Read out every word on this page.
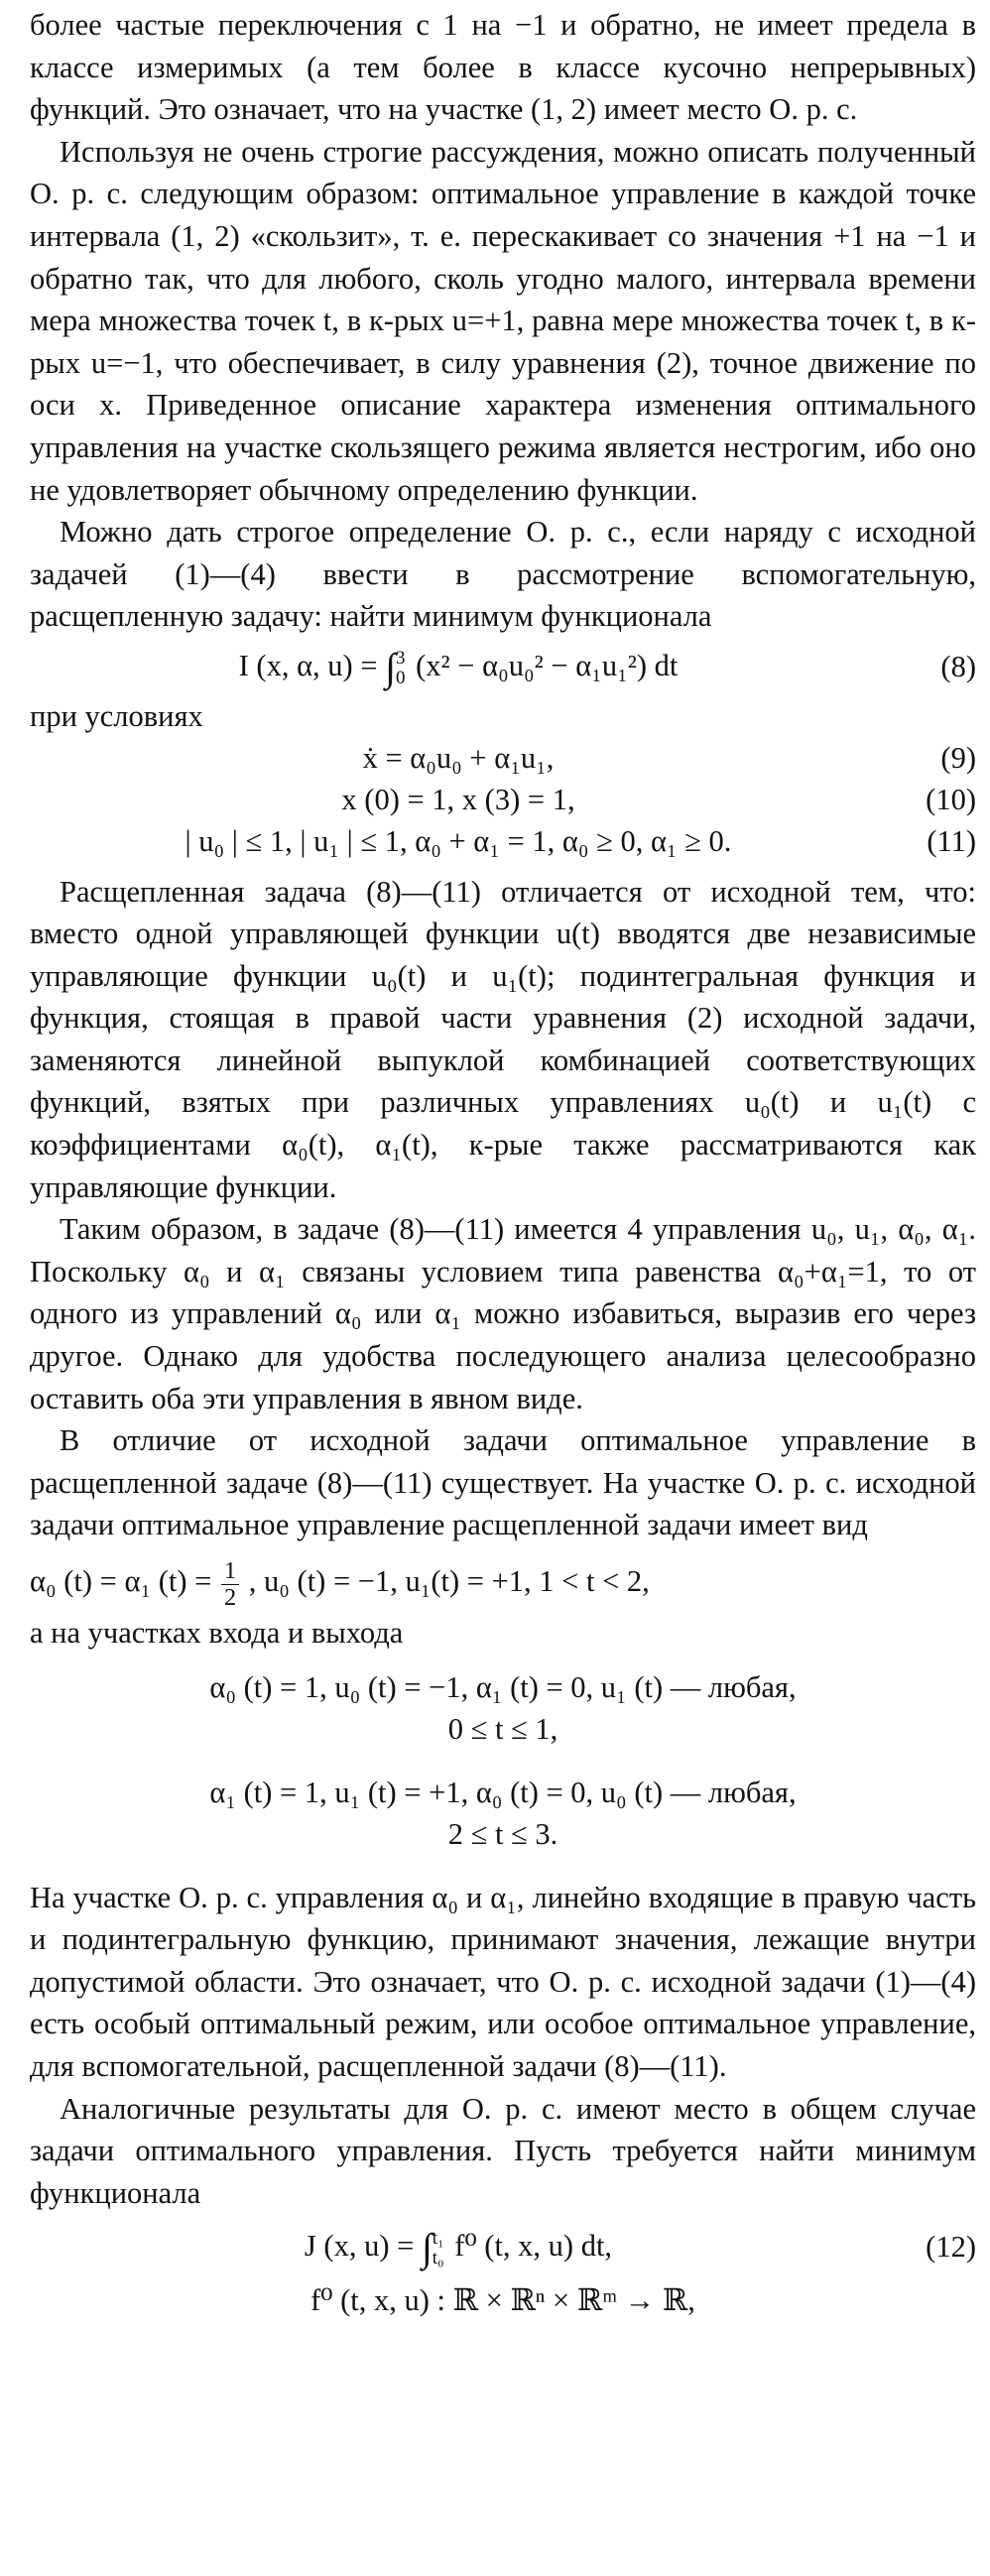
более частые переключения с 1 на −1 и обратно, не имеет предела в классе измеримых (а тем более в классе кусочно непрерывных) функций. Это означает, что на участке (1, 2) имеет место О. р. с.

Используя не очень строгие рассуждения, можно описать полученный О. р. с. следующим образом: оптимальное управление в каждой точке интервала (1, 2) «скользит», т. е. перескакивает со значения +1 на −1 и обратно так, что для любого, сколь угодно малого, интервала времени мера множества точек t, в к-рых u=+1, равна мере множества точек t, в к-рых u=−1, что обеспечивает, в силу уравнения (2), точное движение по оси x. Приведенное описание характера изменения оптимального управления на участке скользящего режима является нестрогим, ибо оно не удовлетворяет обычному определению функции.

Можно дать строгое определение О. р. с., если наряду с исходной задачей (1)—(4) ввести в рассмотрение вспомогательную, расщепленную задачу: найти минимум функционала

I (x, α, u) = ∫ 3
0 (x² − α₀u₀² − α₁u₁²) dt	(8)

при условиях

ẋ = α₀u₀ + α₁u₁,	(9)
x (0) = 1, x (3) = 1,	(10)
| u₀ | ≤ 1, | u₁ | ≤ 1, α₀ + α₁ = 1, α₀ ≥ 0, α₁ ≥ 0.	(11)

Расщепленная задача (8)—(11) отличается от исходной тем, что: вместо одной управляющей функции u(t) вводятся две независимые управляющие функции u₀(t) и u₁(t); подинтегральная функция и функция, стоящая в правой части уравнения (2) исходной задачи, заменяются линейной выпуклой комбинацией соответствующих функций, взятых при различных управлениях u₀(t) и u₁(t) с коэффициентами α₀(t), α₁(t), к-рые также рассматриваются как управляющие функции.

Таким образом, в задаче (8)—(11) имеется 4 управления u₀, u₁, α₀, α₁. Поскольку α₀ и α₁ связаны условием типа равенства α₀+α₁=1, то от одного из управлений α₀ или α₁ можно избавиться, выразив его через другое. Однако для удобства последующего анализа целесообразно оставить оба эти управления в явном виде.

В отличие от исходной задачи оптимальное управление в расщепленной задаче (8)—(11) существует. На участке О. р. с. исходной задачи оптимальное управление расщепленной задачи имеет вид

α₀ (t) = α₁ $(t) = \frac{1}{2}$ , u₀ (t) = −1, u₁(t) = +1, 1 < t < 2,

а на участках входа и выхода

α₀ (t) = 1, u₀ (t) = −1, α₁ (t) = 0, u₁ (t) — любая,
0 ≤ t ≤ 1,
α₁ (t) = 1, u₁ (t) = +1, α₀ (t) = 0, u₀ (t) — любая,
2 ≤ t ≤ 3.

На участке О. р. с. управления α₀ и α₁, линейно входящие в правую часть и подинтегральную функцию, принимают значения, лежащие внутри допустимой области. Это означает, что О. р. с. исходной задачи (1)—(4) есть особый оптимальный режим, или особое оптимальное управление, для вспомогательной, расщепленной задачи (8)—(11).

Аналогичные результаты для О. р. с. имеют место в общем случае задачи оптимального управления. Пусть требуется найти минимум функционала

J (x, u) = ∫ t₁
t₀ f⁰ (t, x, u) dt,	(12)
f⁰ (t, x, u) : ℝ × ℝⁿ × ℝᵐ → ℝ,
